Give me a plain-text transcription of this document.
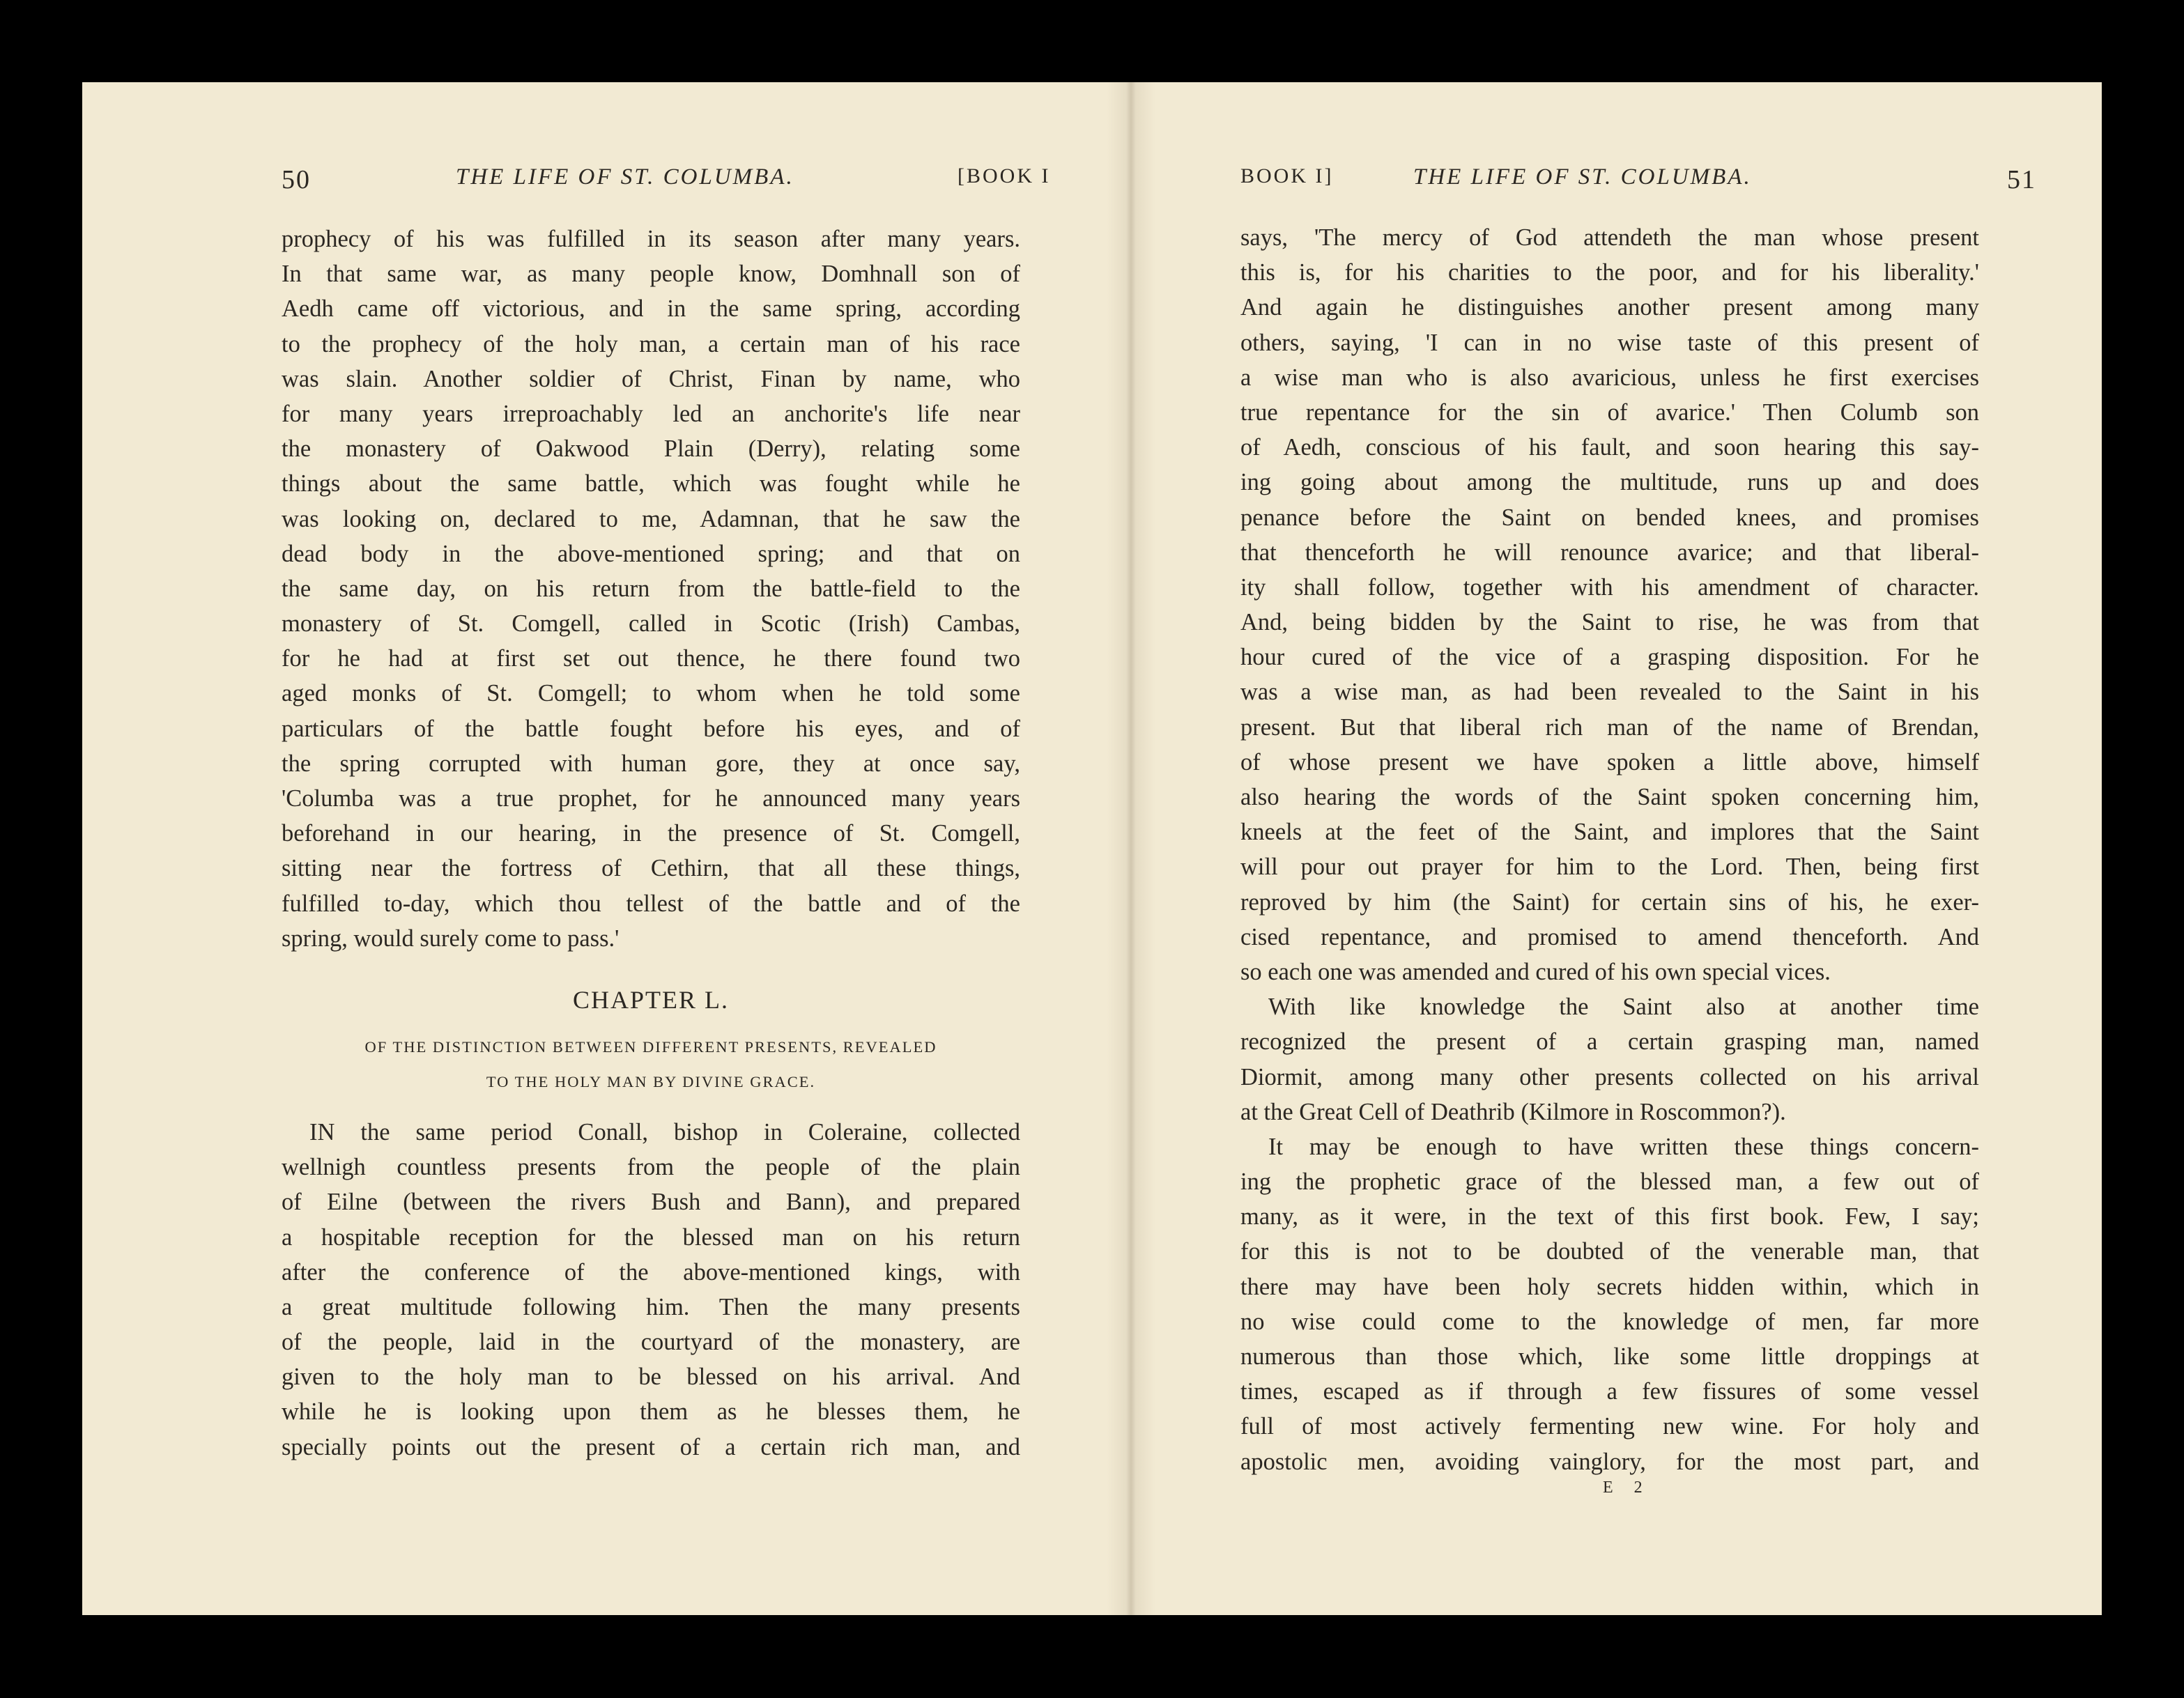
50	THE LIFE OF ST. COLUMBA.	[BOOK I
prophecy of his was fulfilled in its season after many years.
In that same war, as many people know, Domhnall son of
Aedh came off victorious, and in the same spring, according
to the prophecy of the holy man, a certain man of his race
was slain. Another soldier of Christ, Finan by name, who
for many years irreproachably led an anchorite's life near
the monastery of Oakwood Plain (Derry), relating some
things about the same battle, which was fought while he
was looking on, declared to me, Adamnan, that he saw the
dead body in the above-mentioned spring; and that on
the same day, on his return from the battle-field to the
monastery of St. Comgell, called in Scotic (Irish) Cambas,
for he had at first set out thence, he there found two
aged monks of St. Comgell; to whom when he told some
particulars of the battle fought before his eyes, and of
the spring corrupted with human gore, they at once say,
'Columba was a true prophet, for he announced many years
beforehand in our hearing, in the presence of St. Comgell,
sitting near the fortress of Cethirn, that all these things,
fulfilled to-day, which thou tellest of the battle and of the
spring, would surely come to pass.'
CHAPTER L.
OF THE DISTINCTION BETWEEN DIFFERENT PRESENTS, REVEALED
TO THE HOLY MAN BY DIVINE GRACE.
IN the same period Conall, bishop in Coleraine, collected
wellnigh countless presents from the people of the plain
of Eilne (between the rivers Bush and Bann), and prepared
a hospitable reception for the blessed man on his return
after the conference of the above-mentioned kings, with
a great multitude following him. Then the many presents
of the people, laid in the courtyard of the monastery, are
given to the holy man to be blessed on his arrival. And
while he is looking upon them as he blesses them, he
specially points out the present of a certain rich man, and
BOOK I]	THE LIFE OF ST. COLUMBA.	51
says, 'The mercy of God attendeth the man whose present
this is, for his charities to the poor, and for his liberality.'
And again he distinguishes another present among many
others, saying, 'I can in no wise taste of this present of
a wise man who is also avaricious, unless he first exercises
true repentance for the sin of avarice.' Then Columb son
of Aedh, conscious of his fault, and soon hearing this say-
ing going about among the multitude, runs up and does
penance before the Saint on bended knees, and promises
that thenceforth he will renounce avarice; and that liberal-
ity shall follow, together with his amendment of character.
And, being bidden by the Saint to rise, he was from that
hour cured of the vice of a grasping disposition. For he
was a wise man, as had been revealed to the Saint in his
present. But that liberal rich man of the name of Brendan,
of whose present we have spoken a little above, himself
also hearing the words of the Saint spoken concerning him,
kneels at the feet of the Saint, and implores that the Saint
will pour out prayer for him to the Lord. Then, being first
reproved by him (the Saint) for certain sins of his, he exer-
cised repentance, and promised to amend thenceforth. And
so each one was amended and cured of his own special vices.
With like knowledge the Saint also at another time
recognized the present of a certain grasping man, named
Diormit, among many other presents collected on his arrival
at the Great Cell of Deathrib (Kilmore in Roscommon?).
It may be enough to have written these things concern-
ing the prophetic grace of the blessed man, a few out of
many, as it were, in the text of this first book. Few, I say;
for this is not to be doubted of the venerable man, that
there may have been holy secrets hidden within, which in
no wise could come to the knowledge of men, far more
numerous than those which, like some little droppings at
times, escaped as if through a few fissures of some vessel
full of most actively fermenting new wine. For holy and
apostolic men, avoiding vainglory, for the most part, and
E 2
